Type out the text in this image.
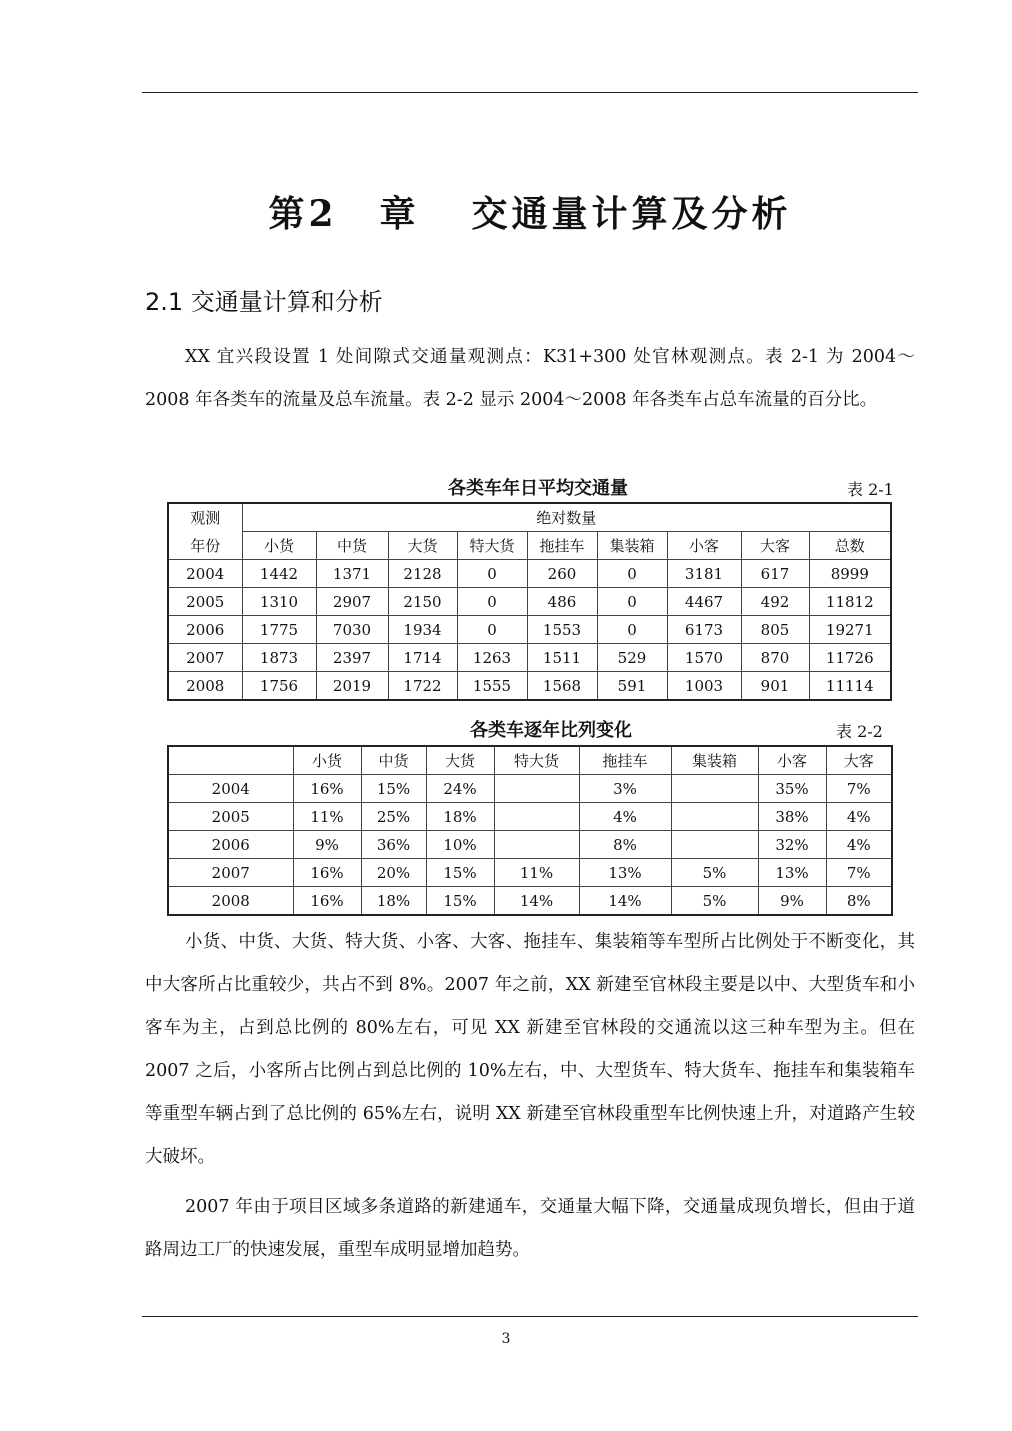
第2 章 交通量计算及分析
2.1 交通量计算和分析
XX 宜兴段设置 1 处间隙式交通量观测点：K31+300 处官林观测点。表 2-1 为 2004～2008 年各类车的流量及总车流量。表 2-2 显示 2004～2008 年各类车占总车流量的百分比。
各类车年日平均交通量	表 2-1
观测	绝对数量								
年份	小货	中货	大货	特大货	拖挂车	集装箱	小客	大客	总数
2004	1442	1371	2128	0	260	0	3181	617	8999
2005	1310	2907	2150	0	486	0	4467	492	11812
2006	1775	7030	1934	0	1553	0	6173	805	19271
2007	1873	2397	1714	1263	1511	529	1570	870	11726
2008	1756	2019	1722	1555	1568	591	1003	901	11114
各类车逐年比列变化	表 2-2
	小货	中货	大货	特大货	拖挂车	集装箱	小客	大客
2004	16%	15%	24%		3%		35%	7%
2005	11%	25%	18%		4%		38%	4%
2006	9%	36%	10%		8%		32%	4%
2007	16%	20%	15%	11%	13%	5%	13%	7%
2008	16%	18%	15%	14%	14%	5%	9%	8%
小货、中货、大货、特大货、小客、大客、拖挂车、集装箱等车型所占比例处于不断变化，其中大客所占比重较少，共占不到 8%。2007 年之前，XX 新建至官林段主要是以中、大型货车和小客车为主，占到总比例的 80%左右，可见 XX 新建至官林段的交通流以这三种车型为主。但在 2007 之后，小客所占比例占到总比例的 10%左右，中、大型货车、特大货车、拖挂车和集装箱车等重型车辆占到了总比例的 65%左右，说明 XX 新建至官林段重型车比例快速上升，对道路产生较大破坏。
2007 年由于项目区域多条道路的新建通车，交通量大幅下降，交通量成现负增长，但由于道路周边工厂的快速发展，重型车成明显增加趋势。
3
